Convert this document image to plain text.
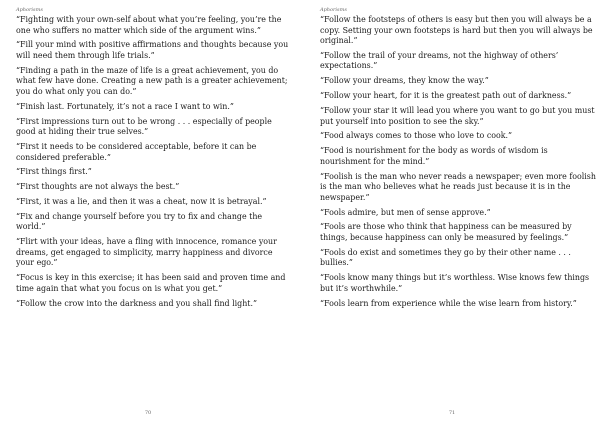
Aphorisms

“Fighting with your own-self about what you’re feeling, you’re the one who suffers no matter which side of the argument wins.”

“Fill your mind with positive affirmations and thoughts because you will need them through life trials.”

“Finding a path in the maze of life is a great achievement, you do what few have done. Creating a new path is a greater achievement; you do what only you can do.”

“Finish last. Fortunately, it’s not a race I want to win.”

“First impressions turn out to be wrong . . . especially of people good at hiding their true selves.”

“First it needs to be considered acceptable, before it can be considered preferable.”

“First things first.”

“First thoughts are not always the best.”

“First, it was a lie, and then it was a cheat, now it is betrayal.”

“Fix and change yourself before you try to fix and change the world.”

“Flirt with your ideas, have a fling with innocence, romance your dreams, get engaged to simplicity, marry happiness and divorce your ego.”

“Focus is key in this exercise; it has been said and proven time and time again that what you focus on is what you get.”

“Follow the crow into the darkness and you shall find light.”

70
Aphorisms

“Follow the footsteps of others is easy but then you will always be a copy. Setting your own footsteps is hard but then you will always be original.”

“Follow the trail of your dreams, not the highway of others’ expectations.”

“Follow your dreams, they know the way.”

“Follow your heart, for it is the greatest path out of darkness.”

“Follow your star it will lead you where you want to go but you must put yourself into position to see the sky.”

“Food always comes to those who love to cook.”

“Food is nourishment for the body as words of wisdom is nourishment for the mind.”

“Foolish is the man who never reads a newspaper; even more foolish is the man who believes what he reads just because it is in the newspaper.”

“Fools admire, but men of sense approve.”

“Fools are those who think that happiness can be measured by things, because happiness can only be measured by feelings.”

“Fools do exist and sometimes they go by their other name . . . bullies.”

“Fools know many things but it’s worthless. Wise knows few things but it’s worthwhile.”

“Fools learn from experience while the wise learn from history.”

71
